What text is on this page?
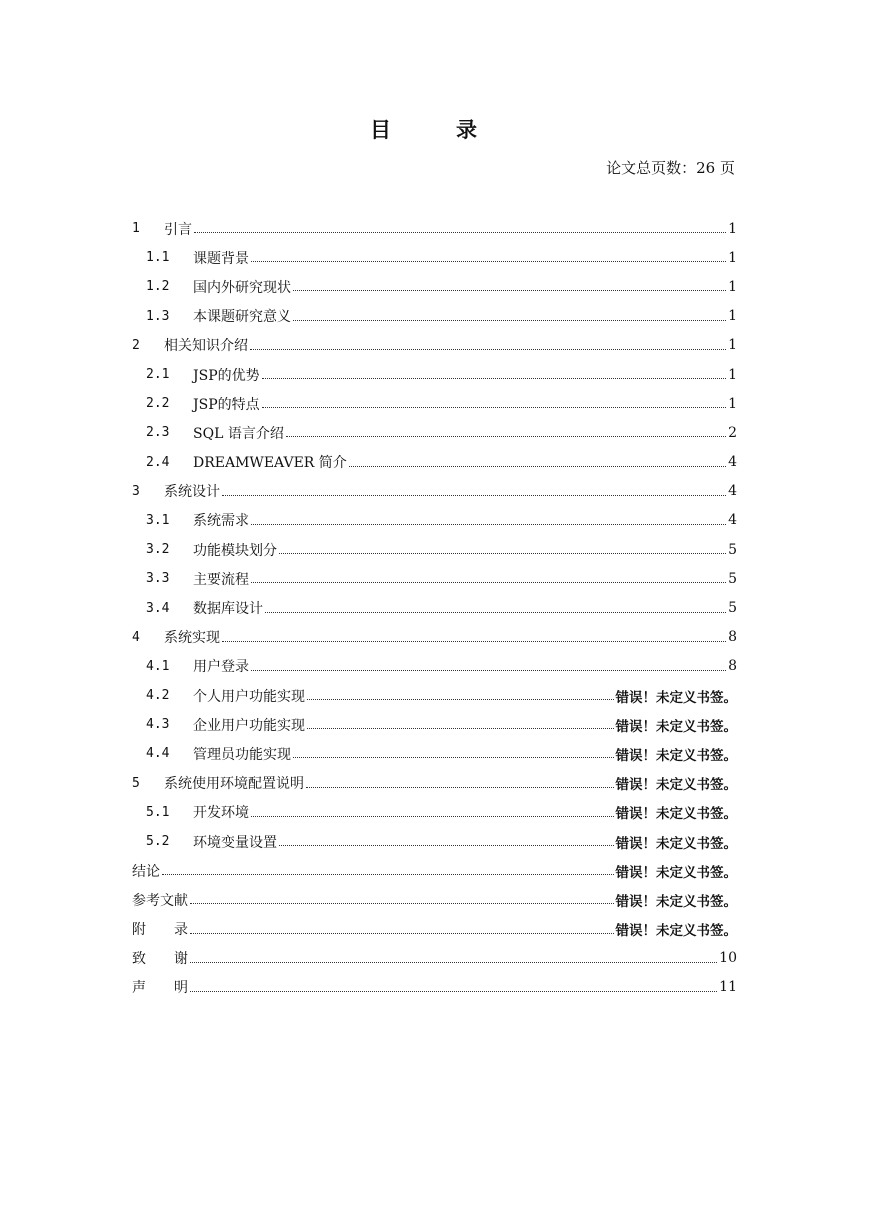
目　录
论文总页数：26 页
1	引言	1
1.1	课题背景	1
1.2	国内外研究现状	1
1.3	本课题研究意义	1
2	相关知识介绍	1
2.1	JSP的优势	1
2.2	JSP的特点	1
2.3	SQL 语言介绍	2
2.4	DREAMWEAVER 简介	4
3	系统设计	4
3.1	系统需求	4
3.2	功能模块划分	5
3.3	主要流程	5
3.4	数据库设计	5
4	系统实现	8
4.1	用户登录	8
4.2	个人用户功能实现	错误！未定义书签。
4.3	企业用户功能实现	错误！未定义书签。
4.4	管理员功能实现	错误！未定义书签。
5	系统使用环境配置说明	错误！未定义书签。
5.1	开发环境	错误！未定义书签。
5.2	环境变量设置	错误！未定义书签。
结论	错误！未定义书签。
参考文献	错误！未定义书签。
附　　录	错误！未定义书签。
致　　谢	10
声　　明	11
